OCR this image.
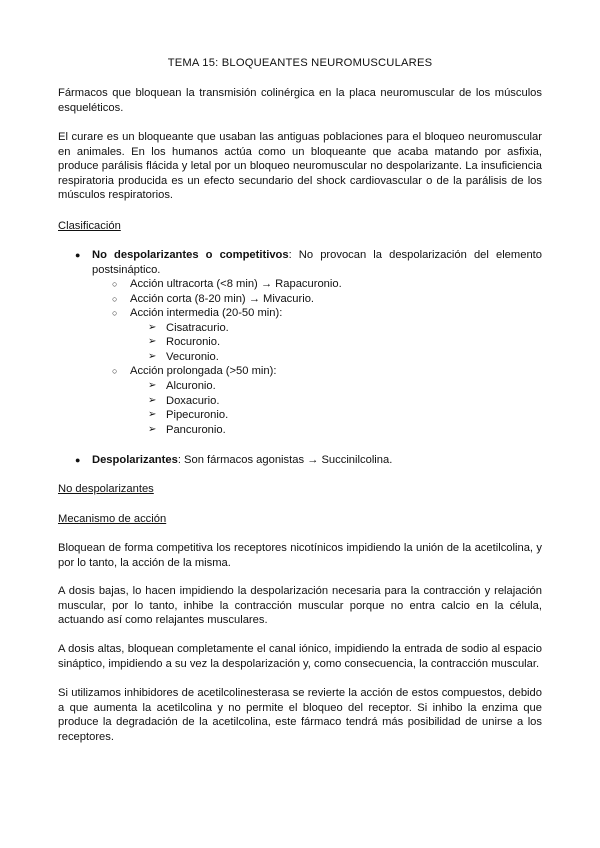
TEMA 15: BLOQUEANTES NEUROMUSCULARES

Fármacos que bloquean la transmisión colinérgica en la placa neuromuscular de los músculos esqueléticos.

El curare es un bloqueante que usaban las antiguas poblaciones para el bloqueo neuromuscular en animales. En los humanos actúa como un bloqueante que acaba matando por asfixia, produce parálisis flácida y letal por un bloqueo neuromuscular no despolarizante. La insuficiencia respiratoria producida es un efecto secundario del shock cardiovascular o de la parálisis de los músculos respiratorios.

Clasificación
● No despolarizantes o competitivos: No provocan la despolarización del elemento postsináptico.
○ Acción ultracorta (<8 min) → Rapacuronio.
○ Acción corta (8-20 min) → Mivacurio.
○ Acción intermedia (20-50 min):
➢ Cisatracurio.
➢ Rocuronio.
➢ Vecuronio.
○ Acción prolongada (>50 min):
➢ Alcuronio.
➢ Doxacurio.
➢ Pipecuronio.
➢ Pancuronio.
● Despolarizantes: Son fármacos agonistas → Succinilcolina.
No despolarizantes
Mecanismo de acción

Bloquean de forma competitiva los receptores nicotínicos impidiendo la unión de la acetilcolina, y por lo tanto, la acción de la misma.

A dosis bajas, lo hacen impidiendo la despolarización necesaria para la contracción y relajación muscular, por lo tanto, inhibe la contracción muscular porque no entra calcio en la célula, actuando así como relajantes musculares.

A dosis altas, bloquean completamente el canal iónico, impidiendo la entrada de sodio al espacio sináptico, impidiendo a su vez la despolarización y, como consecuencia, la contracción muscular.

Si utilizamos inhibidores de acetilcolinesterasa se revierte la acción de estos compuestos, debido a que aumenta la acetilcolina y no permite el bloqueo del receptor. Si inhibo la enzima que produce la degradación de la acetilcolina, este fármaco tendrá más posibilidad de unirse a los receptores.
